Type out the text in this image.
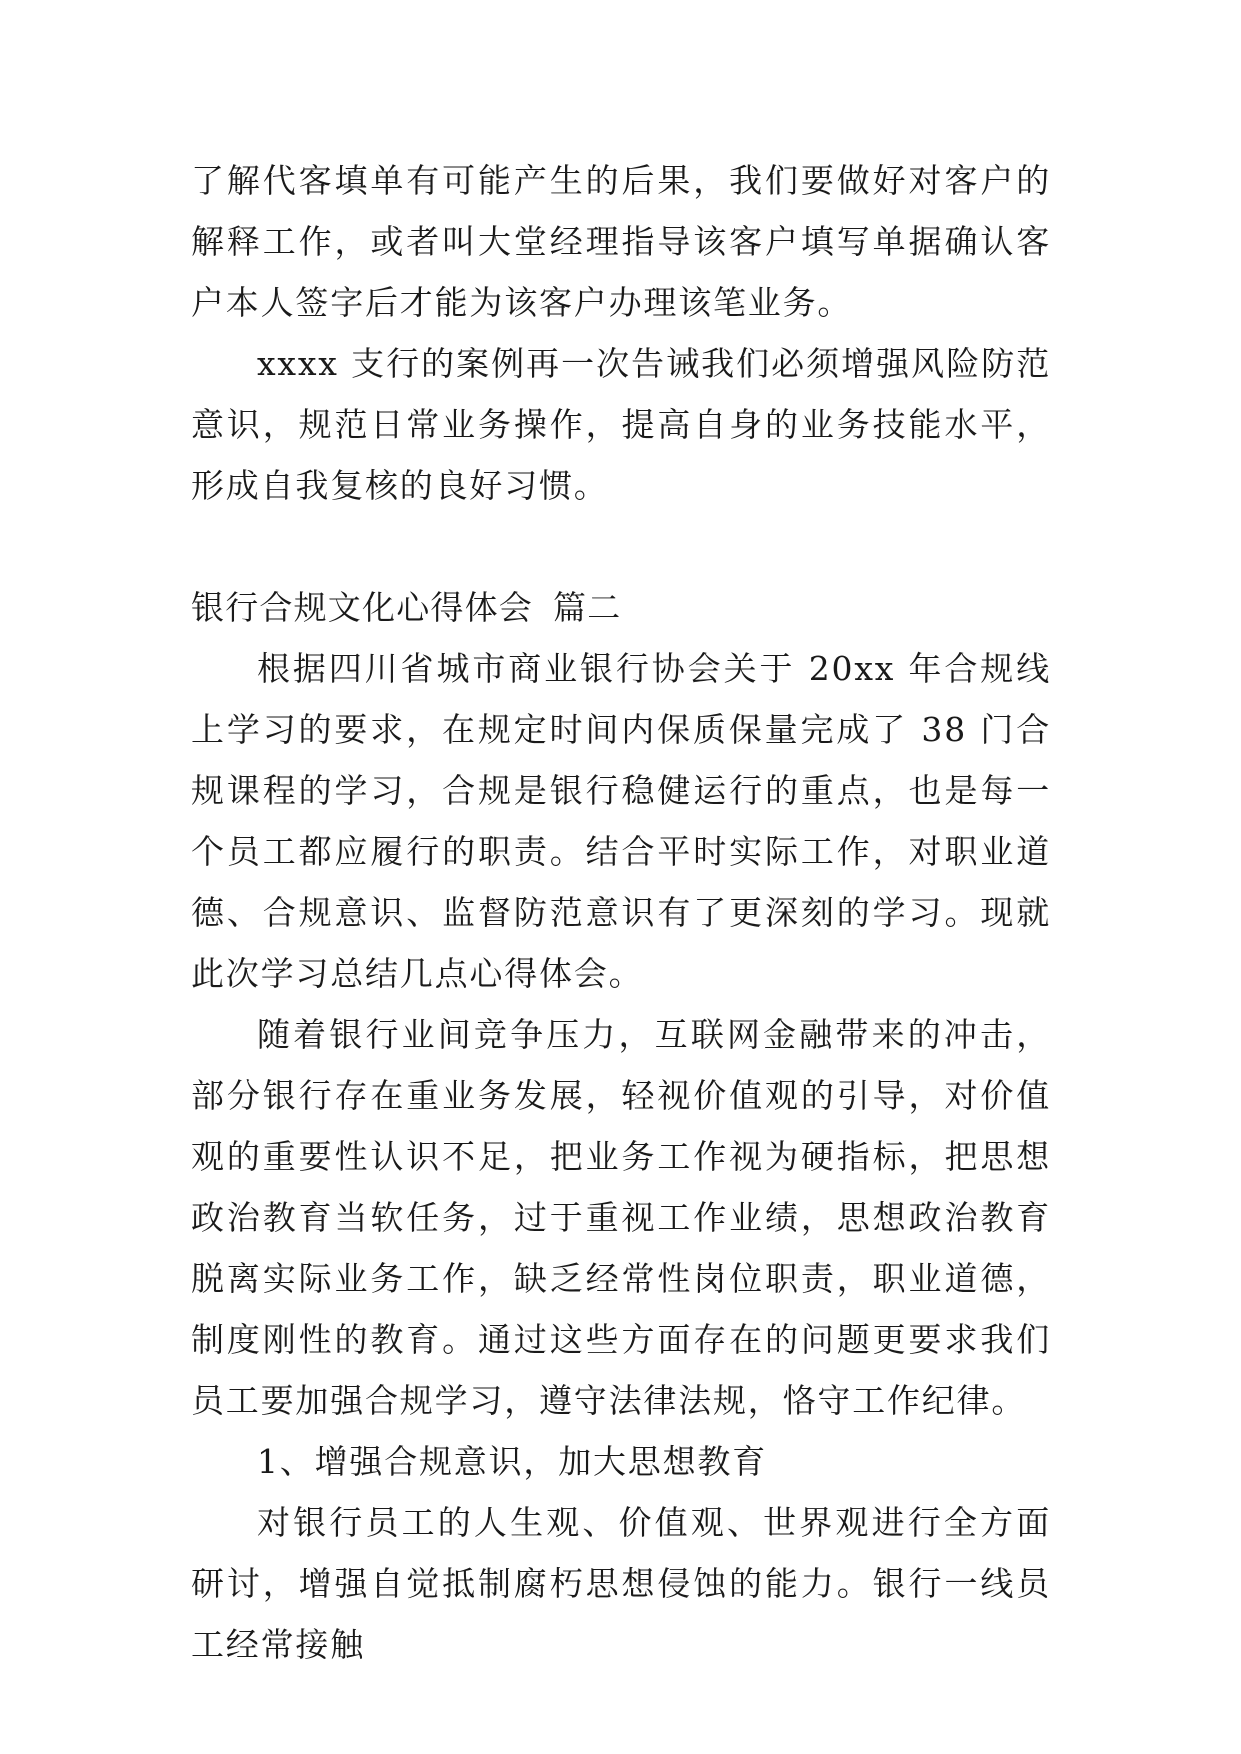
了解代客填单有可能产生的后果，我们要做好对客户的解释工作，或者叫大堂经理指导该客户填写单据确认客户本人签字后才能为该客户办理该笔业务。

xxxx 支行的案例再一次告诫我们必须增强风险防范意识，规范日常业务操作，提高自身的业务技能水平，形成自我复核的良好习惯。

银行合规文化心得体会 篇二

根据四川省城市商业银行协会关于 20xx 年合规线上学习的要求，在规定时间内保质保量完成了 38 门合规课程的学习，合规是银行稳健运行的重点，也是每一个员工都应履行的职责。结合平时实际工作，对职业道德、合规意识、监督防范意识有了更深刻的学习。现就此次学习总结几点心得体会。

随着银行业间竞争压力，互联网金融带来的冲击，部分银行存在重业务发展，轻视价值观的引导，对价值观的重要性认识不足，把业务工作视为硬指标，把思想政治教育当软任务，过于重视工作业绩，思想政治教育脱离实际业务工作，缺乏经常性岗位职责，职业道德，制度刚性的教育。通过这些方面存在的问题更要求我们员工要加强合规学习，遵守法律法规，恪守工作纪律。

1、增强合规意识，加大思想教育

对银行员工的人生观、价值观、世界观进行全方面研讨，增强自觉抵制腐朽思想侵蚀的能力。银行一线员工经常接触
